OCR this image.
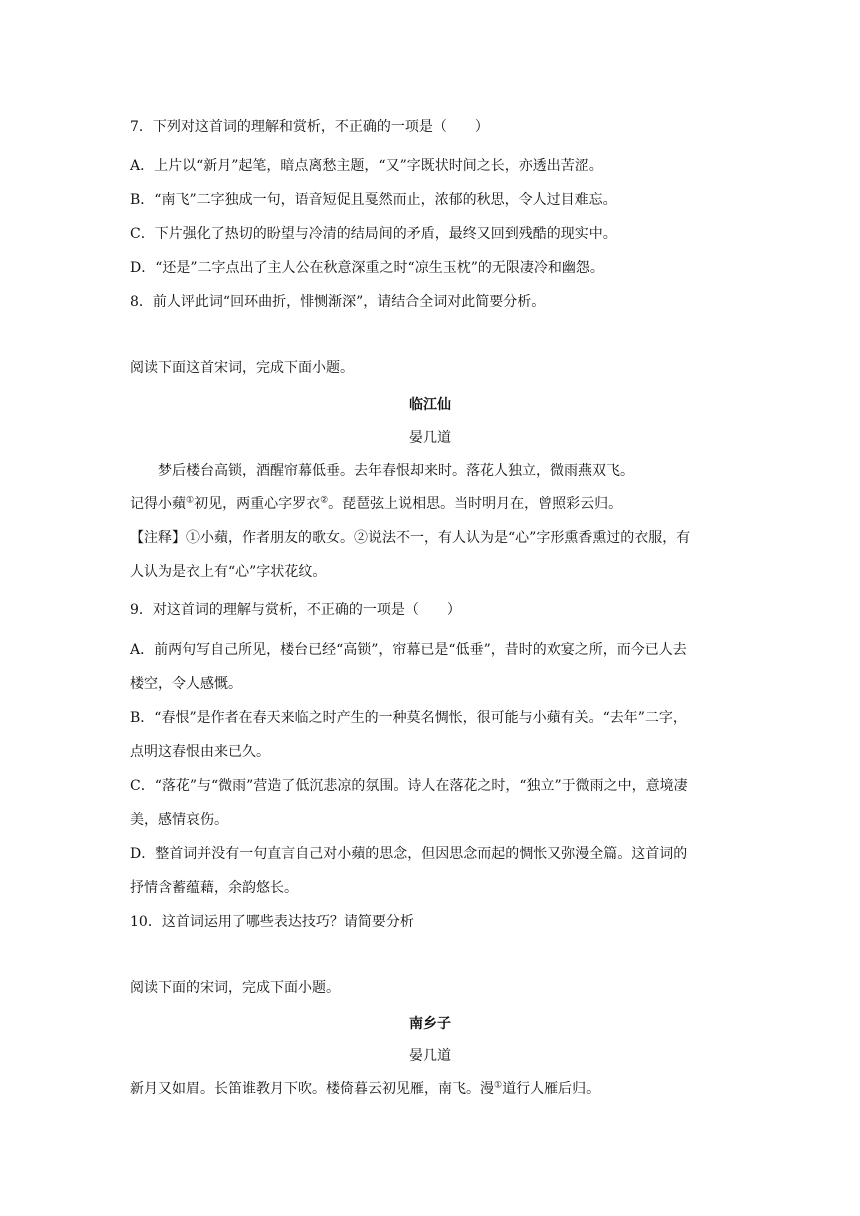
7．下列对这首词的理解和赏析，不正确的一项是（　　）
A．上片以“新月”起笔，暗点离愁主题，“又”字既状时间之长，亦透出苦涩。
B．“南飞”二字独成一句，语音短促且戛然而止，浓郁的秋思，令人过目难忘。
C．下片强化了热切的盼望与冷清的结局间的矛盾，最终又回到残酷的现实中。
D．“还是”二字点出了主人公在秋意深重之时“凉生玉枕”的无限凄冷和幽怨。
8．前人评此词“回环曲折，悱恻渐深”，请结合全词对此简要分析。
阅读下面这首宋词，完成下面小题。
临江仙
晏几道
梦后楼台高锁，酒醒帘幕低垂。去年春恨却来时。落花人独立，微雨燕双飞。
记得小蘋①初见，两重心字罗衣②。琵琶弦上说相思。当时明月在，曾照彩云归。
【注释】①小蘋，作者朋友的歌女。②说法不一，有人认为是“心”字形熏香熏过的衣服，有
人认为是衣上有“心”字状花纹。
9．对这首词的理解与赏析，不正确的一项是（　　）
A．前两句写自己所见，楼台已经“高锁”，帘幕已是“低垂”，昔时的欢宴之所，而今已人去
楼空，令人感慨。
B．“春恨”是作者在春天来临之时产生的一种莫名惆怅，很可能与小蘋有关。“去年”二字，
点明这春恨由来已久。
C．“落花”与“微雨”营造了低沉悲凉的氛围。诗人在落花之时，“独立”于微雨之中，意境凄
美，感情哀伤。
D．整首词并没有一句直言自己对小蘋的思念，但因思念而起的惆怅又弥漫全篇。这首词的
抒情含蓄蕴藉，余韵悠长。
10．这首词运用了哪些表达技巧？请简要分析
阅读下面的宋词，完成下面小题。
南乡子
晏几道
新月又如眉。长笛谁教月下吹。楼倚暮云初见雁，南飞。漫①道行人雁后归。
